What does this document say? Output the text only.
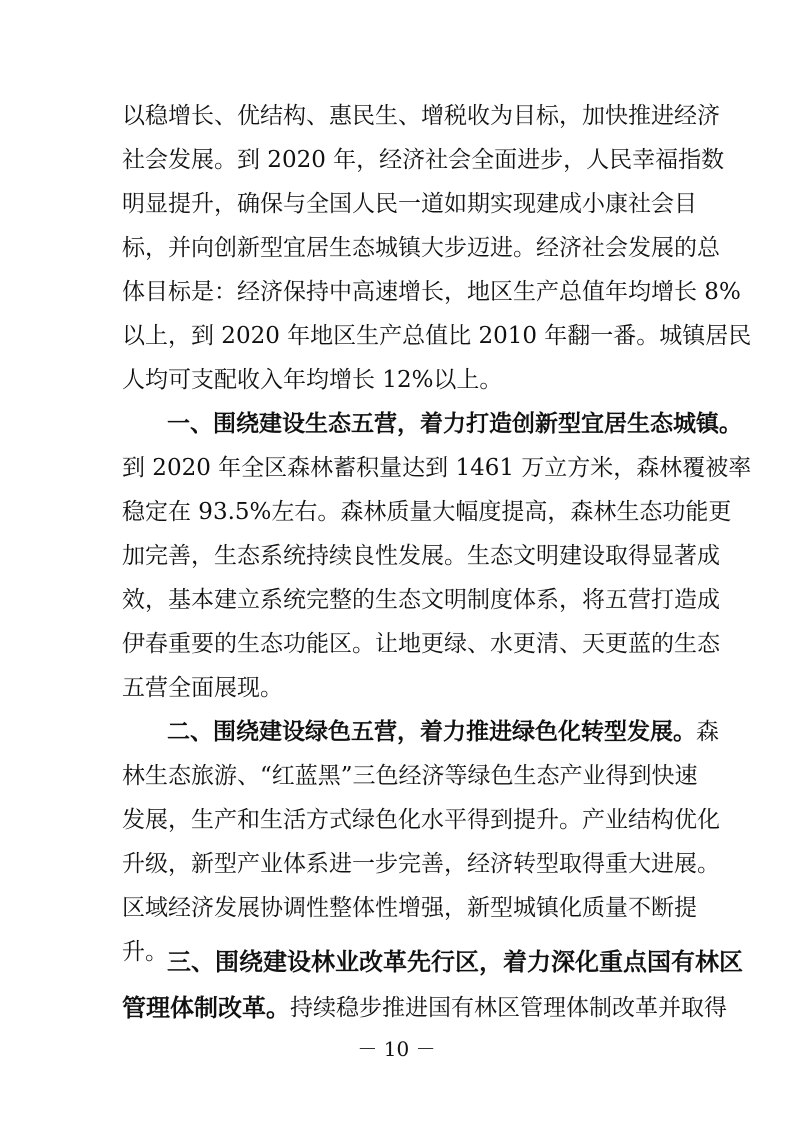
以稳增长、优结构、惠民生、增税收为目标，加快推进经济
社会发展。到 2020 年，经济社会全面进步，人民幸福指数
明显提升，确保与全国人民一道如期实现建成小康社会目
标，并向创新型宜居生态城镇大步迈进。经济社会发展的总
体目标是：经济保持中高速增长，地区生产总值年均增长 8%
以上，到 2020 年地区生产总值比 2010 年翻一番。城镇居民
人均可支配收入年均增长 12%以上。
一、围绕建设生态五营，着力打造创新型宜居生态城镇。
到 2020 年全区森林蓄积量达到 1461 万立方米，森林覆被率
稳定在 93.5%左右。森林质量大幅度提高，森林生态功能更
加完善，生态系统持续良性发展。生态文明建设取得显著成
效，基本建立系统完整的生态文明制度体系，将五营打造成
伊春重要的生态功能区。让地更绿、水更清、天更蓝的生态
五营全面展现。
二、围绕建设绿色五营，着力推进绿色化转型发展。 森
林生态旅游、“红蓝黑”三色经济等绿色生态产业得到快速
发展，生产和生活方式绿色化水平得到提升。产业结构优化
升级，新型产业体系进一步完善，经济转型取得重大进展。
区域经济发展协调性整体性增强，新型城镇化质量不断提
升。 三、围绕建设林业改革先行区，着力深化重点国有林区
－ 10 －
管理体制改革。 持续稳步推进国有林区管理体制改革并取得
